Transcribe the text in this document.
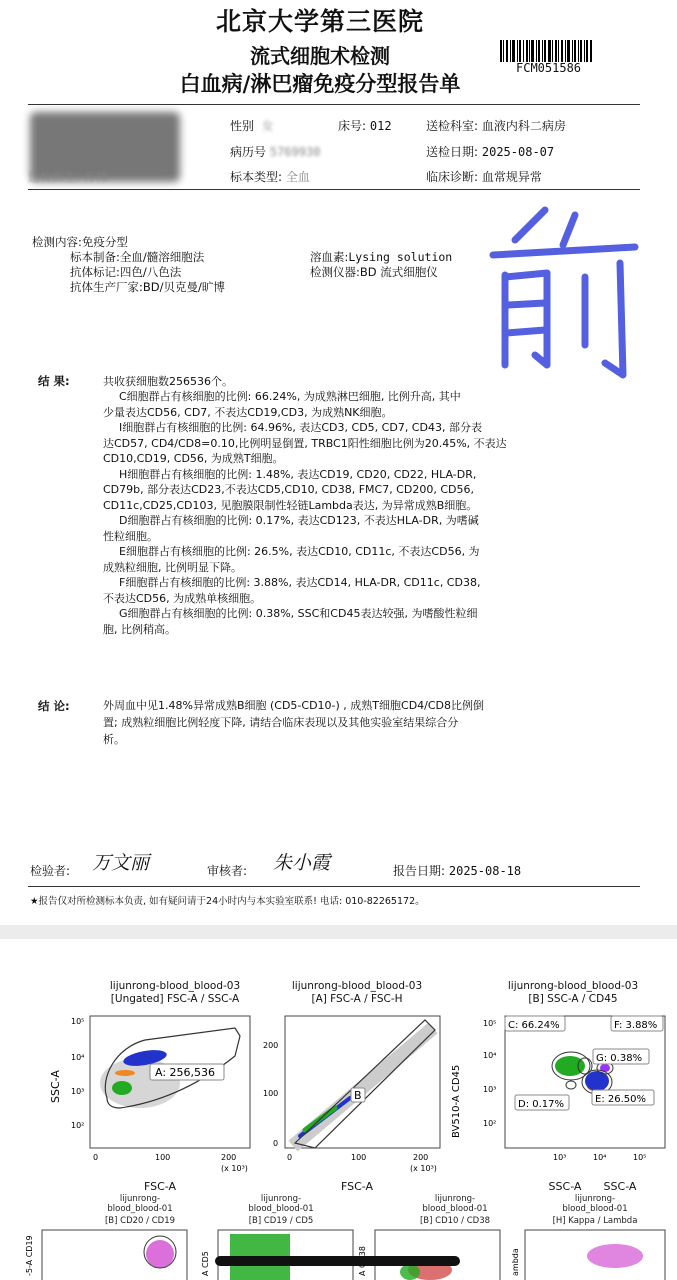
北京大学第三医院
流式细胞术检测
白血病/淋巴瘤免疫分型报告单
FCM051586
性别 女	床号: 012	送检科室: 血液内科二病房
病历号 5769930	送检日期: 2025-08-07
送检医生: 万伟	标本类型: 全血	临床诊断: 血常规异常
检测内容:免疫分型
标本制备:全血/髓溶细胞法	溶血素:Lysing solution
抗体标记:四色/八色法	检测仪器:BD 流式细胞仪
抗体生产厂家:BD/贝克曼/旷博
结 果:	共收获细胞数256536个。
C细胞群占有核细胞的比例: 66.24%, 为成熟淋巴细胞, 比例升高, 其中
少量表达CD56, CD7, 不表达CD19,CD3, 为成熟NK细胞。
I细胞群占有核细胞的比例: 64.96%, 表达CD3, CD5, CD7, CD43, 部分表
达CD57, CD4/CD8=0.10,比例明显倒置, TRBC1阳性细胞比例为20.45%, 不表达
CD10,CD19, CD56, 为成熟T细胞。
H细胞群占有核细胞的比例: 1.48%, 表达CD19, CD20, CD22, HLA-DR,
CD79b, 部分表达CD23,不表达CD5,CD10, CD38, FMC7, CD200, CD56,
CD11c,CD25,CD103, 见胞膜限制性轻链Lambda表达, 为异常成熟B细胞。
D细胞群占有核细胞的比例: 0.17%, 表达CD123, 不表达HLA-DR, 为嗜碱
性粒细胞。
E细胞群占有核细胞的比例: 26.5%, 表达CD10, CD11c, 不表达CD56, 为
成熟粒细胞, 比例明显下降。
F细胞群占有核细胞的比例: 3.88%, 表达CD14, HLA-DR, CD11c, CD38,
不表达CD56, 为成熟单核细胞。
G细胞群占有核细胞的比例: 0.38%, SSC和CD45表达较强, 为嗜酸性粒细
胞, 比例稍高。
结 论:	外周血中见1.48%异常成熟B细胞 (CD5-CD10-) , 成熟T细胞CD4/CD8比例倒
置; 成熟粒细胞比例轻度下降, 请结合临床表现以及其他实验室结果综合分
析。
检验者: 万文丽	审核者: 朱小霞	报告日期: 2025-08-18
★报告仅对所检测标本负责, 如有疑问请于24小时内与本实验室联系! 电话: 010-82265172。
lijunrong-blood_blood-03
[Ungated] FSC-A / SSC-A
A: 256,536
10⁵
10⁴
10³
10²
0	100	200
(x 10³)
SSC-A
lijunrong-blood_blood-03
[A] FSC-A / FSC-H
B
200
100
0
0	100	200
(x 10³)
lijunrong-blood_blood-03
[B] SSC-A / CD45
C: 66.24%	F: 3.88%
G: 0.38%
D: 0.17%	E: 26.50%
10⁵
10⁴
10³
10²
10³	10⁴	10⁵
BV510-A CD45
FSC-A	FSC-A	SSC-A	SSC-A
lijunrong-
blood_blood-01
[B] CD20 / CD19
lijunrong-
blood_blood-01
[B] CD19 / CD5
lijunrong-
blood_blood-01
[B] CD10 / CD38
lijunrong-
blood_blood-01
[H] Kappa / Lambda
-5-A CD19	A CD5	ambda
